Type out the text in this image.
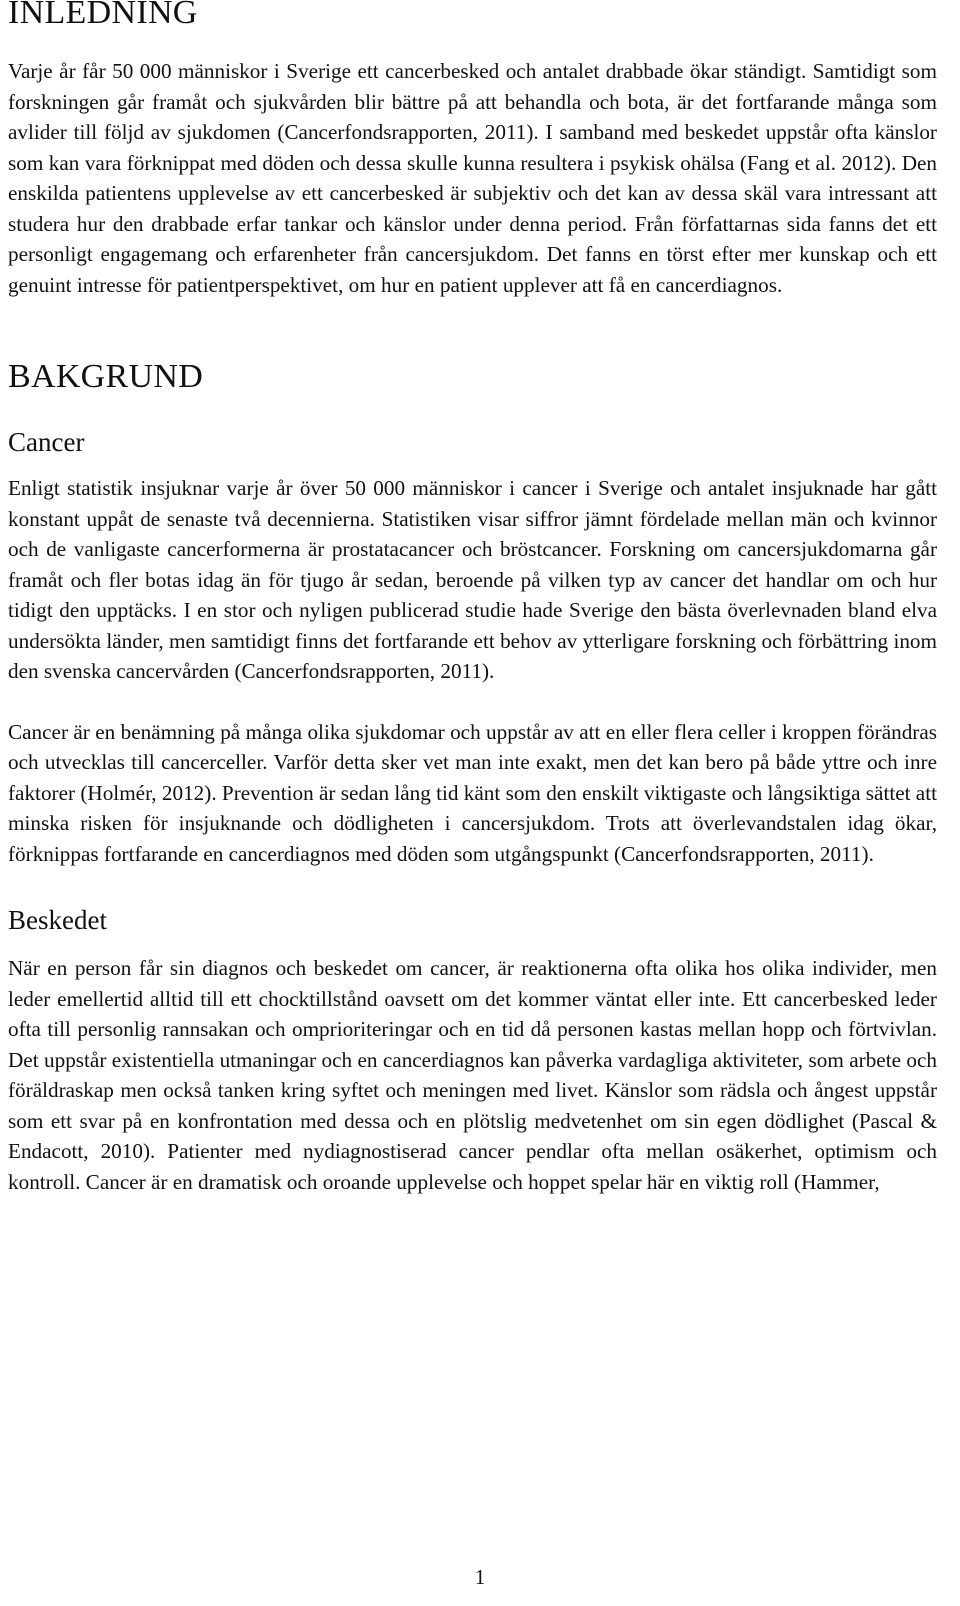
INLEDNING

Varje år får 50 000 människor i Sverige ett cancerbesked och antalet drabbade ökar ständigt. Samtidigt som forskningen går framåt och sjukvården blir bättre på att behandla och bota, är det fortfarande många som avlider till följd av sjukdomen (Cancerfondsrapporten, 2011). I samband med beskedet uppstår ofta känslor som kan vara förknippat med döden och dessa skulle kunna resultera i psykisk ohälsa (Fang et al. 2012). Den enskilda patientens upplevelse av ett cancerbesked är subjektiv och det kan av dessa skäl vara intressant att studera hur den drabbade erfar tankar och känslor under denna period. Från författarnas sida fanns det ett personligt engagemang och erfarenheter från cancersjukdom. Det fanns en törst efter mer kunskap och ett genuint intresse för patientperspektivet, om hur en patient upplever att få en cancerdiagnos.

BAKGRUND
Cancer

Enligt statistik insjuknar varje år över 50 000 människor i cancer i Sverige och antalet insjuknade har gått konstant uppåt de senaste två decennierna. Statistiken visar siffror jämnt fördelade mellan män och kvinnor och de vanligaste cancerformerna är prostatacancer och bröstcancer. Forskning om cancersjukdomarna går framåt och fler botas idag än för tjugo år sedan, beroende på vilken typ av cancer det handlar om och hur tidigt den upptäcks. I en stor och nyligen publicerad studie hade Sverige den bästa överlevnaden bland elva undersökta länder, men samtidigt finns det fortfarande ett behov av ytterligare forskning och förbättring inom den svenska cancervården (Cancerfondsrapporten, 2011).

Cancer är en benämning på många olika sjukdomar och uppstår av att en eller flera celler i kroppen förändras och utvecklas till cancerceller. Varför detta sker vet man inte exakt, men det kan bero på både yttre och inre faktorer (Holmér, 2012). Prevention är sedan lång tid känt som den enskilt viktigaste och långsiktiga sättet att minska risken för insjuknande och dödligheten i cancersjukdom. Trots att överlevandstalen idag ökar, förknippas fortfarande en cancerdiagnos med döden som utgångspunkt (Cancerfondsrapporten, 2011).

Beskedet

När en person får sin diagnos och beskedet om cancer, är reaktionerna ofta olika hos olika individer, men leder emellertid alltid till ett chocktillstånd oavsett om det kommer väntat eller inte. Ett cancerbesked leder ofta till personlig rannsakan och omprioriteringar och en tid då personen kastas mellan hopp och förtvivlan. Det uppstår existentiella utmaningar och en cancerdiagnos kan påverka vardagliga aktiviteter, som arbete och föräldraskap men också tanken kring syftet och meningen med livet. Känslor som rädsla och ångest uppstår som ett svar på en konfrontation med dessa och en plötslig medvetenhet om sin egen dödlighet (Pascal & Endacott, 2010). Patienter med nydiagnostiserad cancer pendlar ofta mellan osäkerhet, optimism och kontroll. Cancer är en dramatisk och oroande upplevelse och hoppet spelar här en viktig roll (Hammer,

1
